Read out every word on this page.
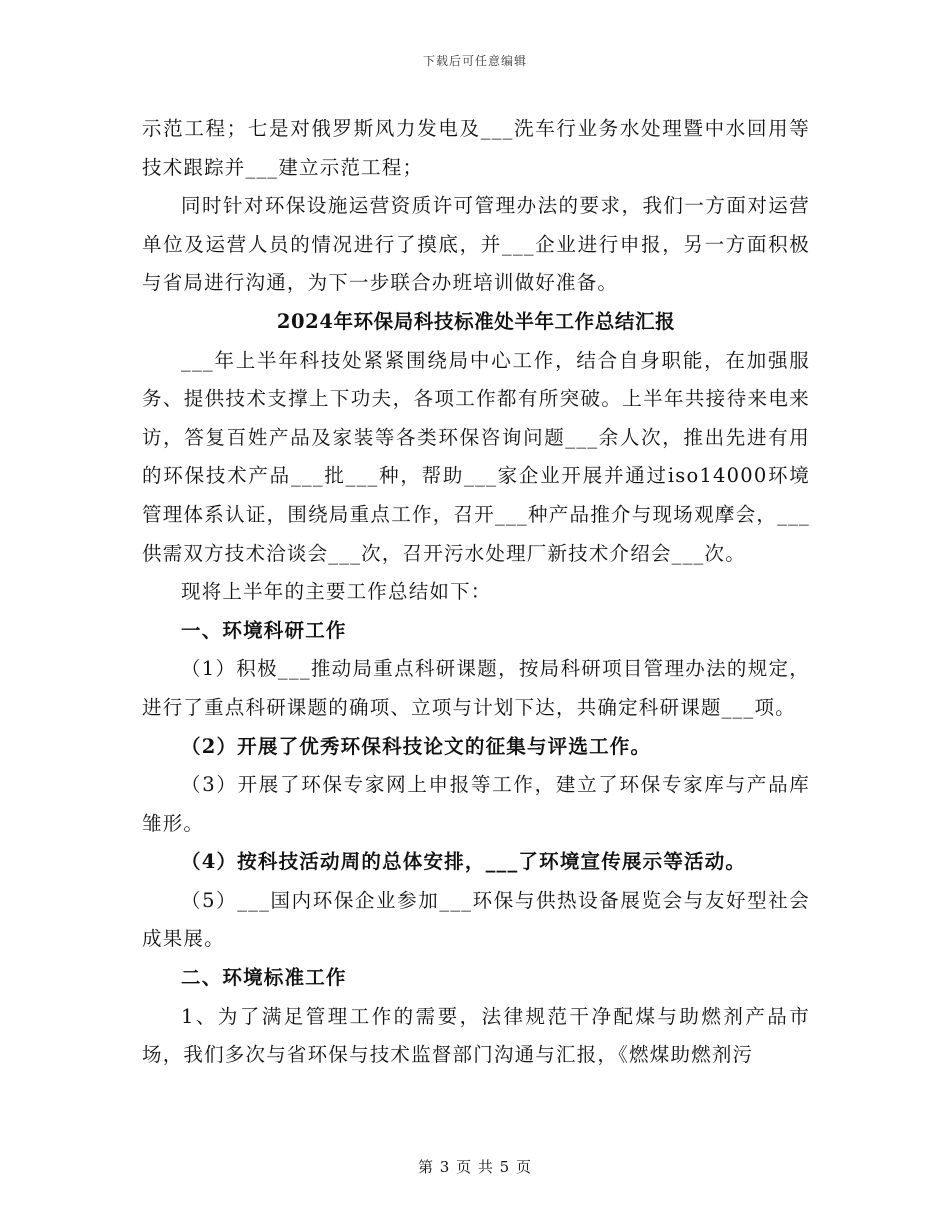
下载后可任意编辑

示范工程；七是对俄罗斯风力发电及___洗车行业务水处理暨中水回用等技术跟踪并___建立示范工程；

同时针对环保设施运营资质许可管理办法的要求，我们一方面对运营单位及运营人员的情况进行了摸底，并___企业进行申报，另一方面积极与省局进行沟通，为下一步联合办班培训做好准备。

2024年环保局科技标准处半年工作总结汇报

___年上半年科技处紧紧围绕局中心工作，结合自身职能，在加强服务、提供技术支撑上下功夫，各项工作都有所突破。上半年共接待来电来访，答复百姓产品及家装等各类环保咨询问题___余人次，推出先进有用的环保技术产品___批___种，帮助___家企业开展并通过iso14000环境管理体系认证，围绕局重点工作，召开___种产品推介与现场观摩会，___供需双方技术洽谈会___次，召开污水处理厂新技术介绍会___次。

现将上半年的主要工作总结如下：

一、环境科研工作

（1）积极___推动局重点科研课题，按局科研项目管理办法的规定，进行了重点科研课题的确项、立项与计划下达，共确定科研课题___项。

（2）开展了优秀环保科技论文的征集与评选工作。

（3）开展了环保专家网上申报等工作，建立了环保专家库与产品库雏形。

（4）按科技活动周的总体安排，___了环境宣传展示等活动。

（5）___国内环保企业参加___环保与供热设备展览会与友好型社会成果展。

二、环境标准工作

1、为了满足管理工作的需要，法律规范干净配煤与助燃剂产品市场，我们多次与省环保与技术监督部门沟通与汇报，《燃煤助燃剂污

第 3 页 共 5 页
